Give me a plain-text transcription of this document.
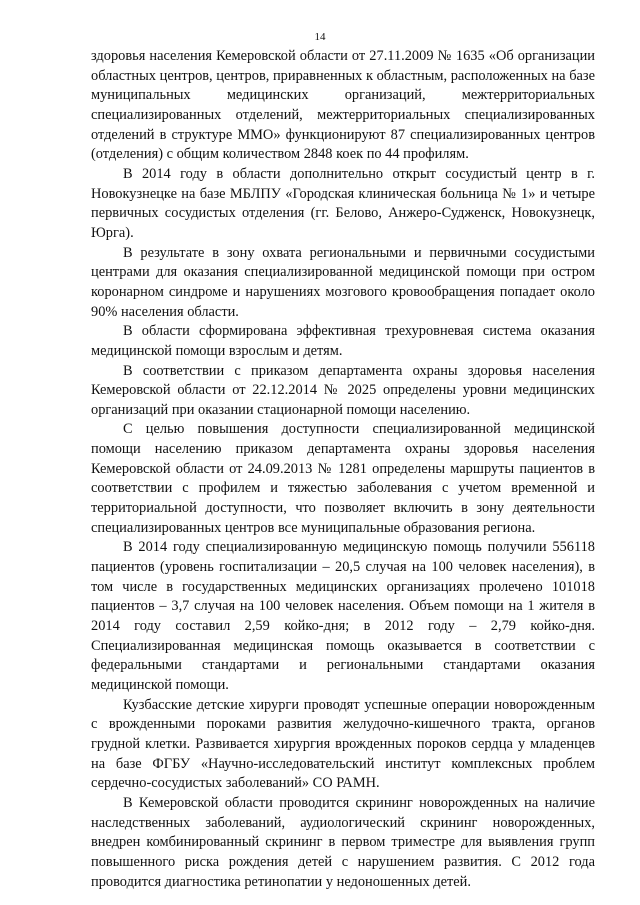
14

здоровья населения Кемеровской области от 27.11.2009 № 1635 «Об организации областных центров, центров, приравненных к областным, расположенных на базе муниципальных медицинских организаций, межтерриториальных специализированных отделений, межтерриториальных специализированных отделений в структуре ММО» функционируют 87 специализированных центров (отделения) с общим количеством 2848 коек по 44 профилям.

В 2014 году в области дополнительно открыт сосудистый центр в г. Новокузнецке на базе МБЛПУ «Городская клиническая больница № 1» и четыре первичных сосудистых отделения (гг. Белово, Анжеро-Судженск, Новокузнецк, Юрга).

В результате в зону охвата региональными и первичными сосудистыми центрами для оказания специализированной медицинской помощи при остром коронарном синдроме и нарушениях мозгового кровообращения попадает около 90% населения области.

В области сформирована эффективная трехуровневая система оказания медицинской помощи взрослым и детям.

В соответствии с приказом департамента охраны здоровья населения Кемеровской области от 22.12.2014 № 2025 определены уровни медицинских организаций при оказании стационарной помощи населению.

С целью повышения доступности специализированной медицинской помощи населению приказом департамента охраны здоровья населения Кемеровской области от 24.09.2013 № 1281 определены маршруты пациентов в соответствии с профилем и тяжестью заболевания с учетом временной и территориальной доступности, что позволяет включить в зону деятельности специализированных центров все муниципальные образования региона.

В 2014 году специализированную медицинскую помощь получили 556118 пациентов (уровень госпитализации – 20,5 случая на 100 человек населения), в том числе в государственных медицинских организациях пролечено 101018 пациентов – 3,7 случая на 100 человек населения. Объем помощи на 1 жителя в 2014 году составил 2,59 койко-дня; в 2012 году – 2,79 койко-дня. Специализированная медицинская помощь оказывается в соответствии с федеральными стандартами и региональными стандартами оказания медицинской помощи.

Кузбасские детские хирурги проводят успешные операции новорожденным с врожденными пороками развития желудочно-кишечного тракта, органов грудной клетки. Развивается хирургия врожденных пороков сердца у младенцев на базе ФГБУ «Научно-исследовательский институт комплексных проблем сердечно-сосудистых заболеваний» СО РАМН.

В Кемеровской области проводится скрининг новорожденных на наличие наследственных заболеваний, аудиологический скрининг новорожденных, внедрен комбинированный скрининг в первом триместре для выявления групп повышенного риска рождения детей с нарушением развития. С 2012 года проводится диагностика ретинопатии у недоношенных детей.
